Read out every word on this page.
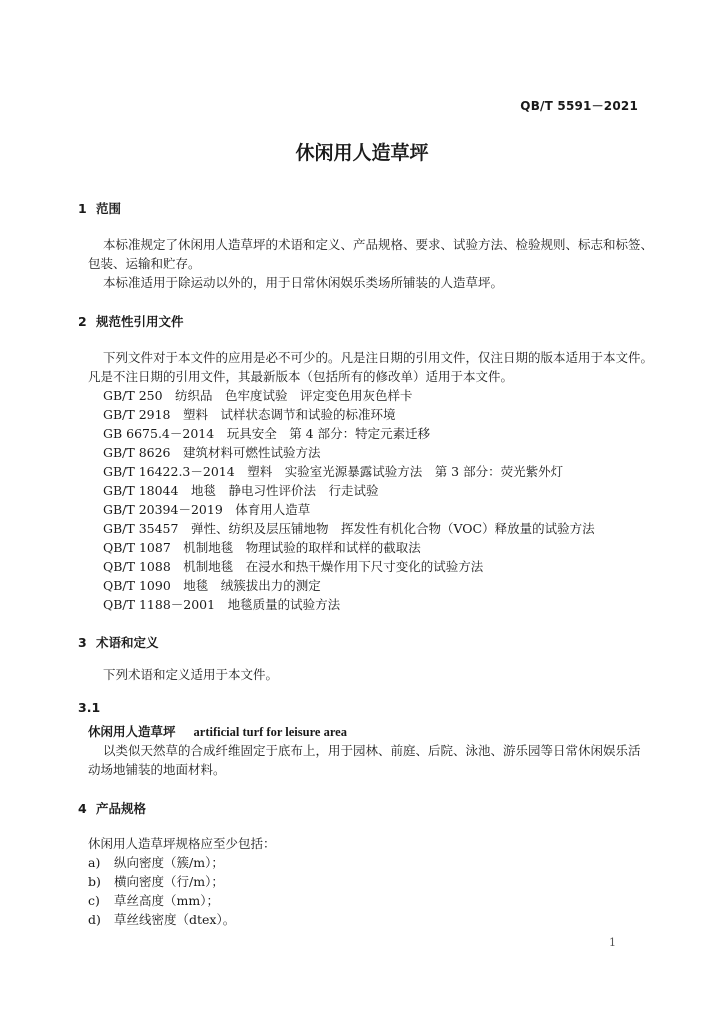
QB/T 5591－2021
休闲用人造草坪
1 范围
本标准规定了休闲用人造草坪的术语和定义、产品规格、要求、试验方法、检验规则、标志和标签、
包装、运输和贮存。
本标准适用于除运动以外的，用于日常休闲娱乐类场所铺装的人造草坪。
2 规范性引用文件
下列文件对于本文件的应用是必不可少的。凡是注日期的引用文件，仅注日期的版本适用于本文件。
凡是不注日期的引用文件，其最新版本（包括所有的修改单）适用于本文件。
GB/T 250　纺织品　色牢度试验　评定变色用灰色样卡
GB/T 2918　塑料　试样状态调节和试验的标准环境
GB 6675.4－2014　玩具安全　第 4 部分：特定元素迁移
GB/T 8626　建筑材料可燃性试验方法
GB/T 16422.3－2014　塑料　实验室光源暴露试验方法　第 3 部分：荧光紫外灯
GB/T 18044　地毯　静电习性评价法　行走试验
GB/T 20394－2019　体育用人造草
GB/T 35457　弹性、纺织及层压铺地物　挥发性有机化合物（VOC）释放量的试验方法
QB/T 1087　机制地毯　物理试验的取样和试样的截取法
QB/T 1088　机制地毯　在浸水和热干燥作用下尺寸变化的试验方法
QB/T 1090　地毯　绒簇拔出力的测定
QB/T 1188－2001　地毯质量的试验方法
3 术语和定义
下列术语和定义适用于本文件。
3.1
休闲用人造草坪 artificial turf for leisure area
以类似天然草的合成纤维固定于底布上，用于园林、前庭、后院、泳池、游乐园等日常休闲娱乐活
动场地铺装的地面材料。
4 产品规格
休闲用人造草坪规格应至少包括：
a) 纵向密度（簇/m）；
b) 横向密度（行/m）；
c) 草丝高度（mm）；
d) 草丝线密度（dtex）。
1
